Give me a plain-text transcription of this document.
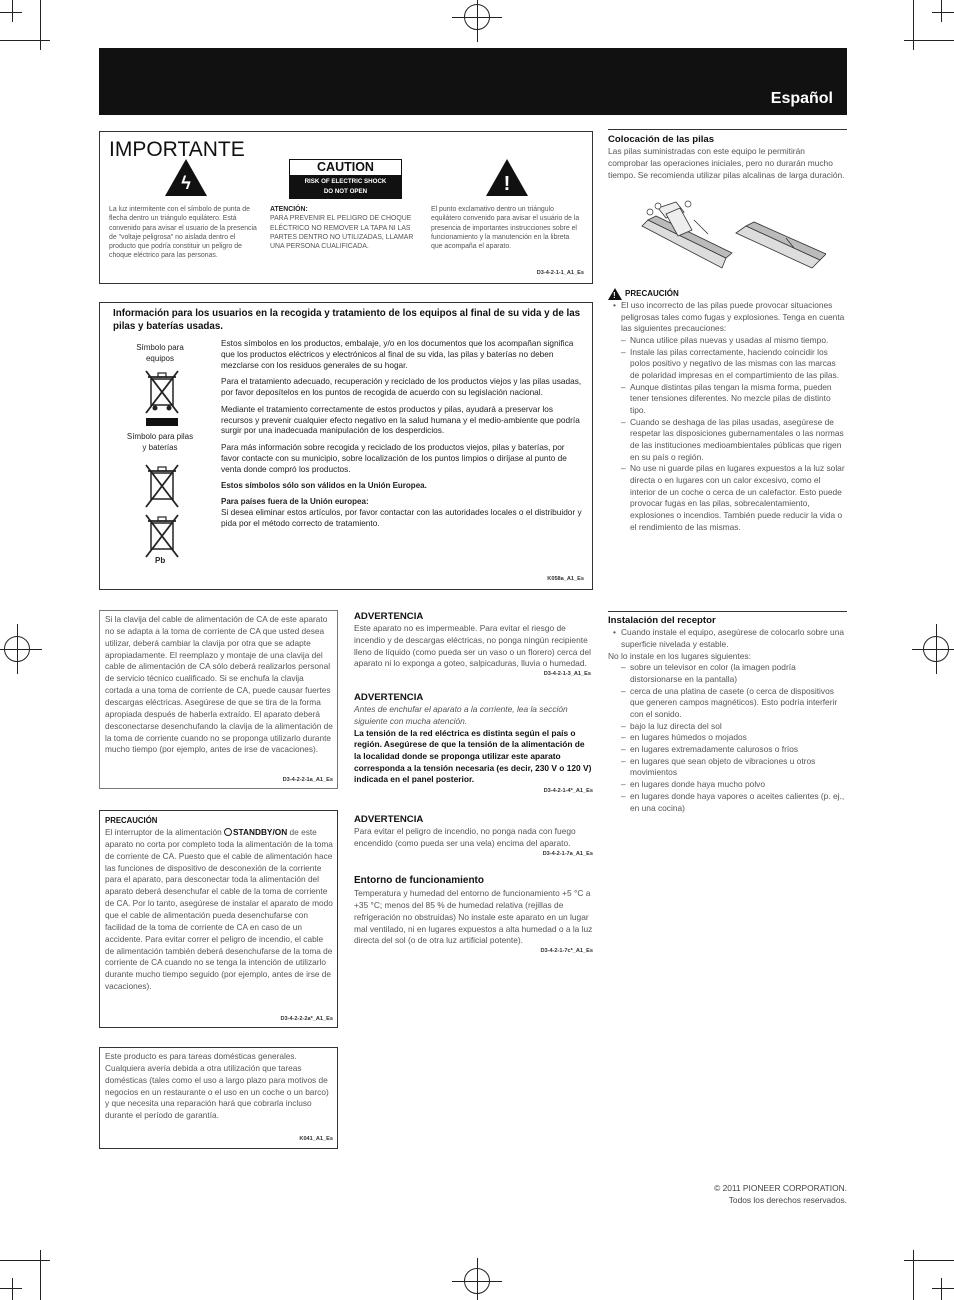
Español
IMPORTANTE
ϟ
CAUTION
RISK OF ELECTRIC SHOCK
DO NOT OPEN	!
La luz intermitente con el símbolo de punta de flecha dentro un triángulo equilátero. Está convenido para avisar el usuario de la presencia de "voltaje peligrosa" no aislada dentro el producto que podría constituir un peligro de choque eléctrico para las personas.
ATENCIÓN:
PARA PREVENIR EL PELIGRO DE CHOQUE ELÉCTRICO NO REMOVER LA TAPA NI LAS PARTES DENTRO NO UTILIZADAS, LLAMAR UNA PERSONA CUALIFICADA.
El punto exclamativo dentro un triángulo equilátero convenido para avisar el usuário de la presencia de importantes instrucciones sobre el funcionamiento y la manutención en la libreta que acompaña el aparato.
D3-4-2-1-1_A1_Es
Información para los usuarios en la recogida y tratamiento de los equipos al final de su vida y de las pilas y baterías usadas.
Símbolo para equipos
Símbolo para pilas y baterías
Pb

Estos símbolos en los productos, embalaje, y/o en los documentos que los acompañan significa que los productos eléctricos y electrónicos al final de su vida, las pilas y baterías no deben mezclarse con los residuos generales de su hogar.

Para el tratamiento adecuado, recuperación y reciclado de los productos viejos y las pilas usadas, por favor deposítelos en los puntos de recogida de acuerdo con su legislación nacional.

Mediante el tratamiento correctamente de estos productos y pilas, ayudará a preservar los recursos y prevenir cualquier efecto negativo en la salud humana y el medio-ambiente que podría surgir por una inadecuada manipulación de los desperdicios.

Para más información sobre recogida y reciclado de los productos viejos, pilas y baterías, por favor contacte con su municipio, sobre localización de los puntos limpios o diríjase al punto de venta donde compró los productos.

Estos símbolos sólo son válidos en la Unión Europea.

Para países fuera de la Unión europea:

Si desea eliminar estos artículos, por favor contactar con las autoridades locales o el distribuidor y pida por el método correcto de tratamiento.

K058a_A1_Es
Si la clavija del cable de alimentación de CA de este aparato no se adapta a la toma de corriente de CA que usted desea utilizar, deberá cambiar la clavija por otra que se adapte apropiadamente. El reemplazo y montaje de una clavija del cable de alimentación de CA sólo deberá realizarlos personal de servicio técnico cualificado. Si se enchufa la clavija cortada a una toma de corriente de CA, puede causar fuertes descargas eléctricas. Asegúrese de que se tira de la forma apropiada después de haberla extraído. El aparato deberá desconectarse desenchufando la clavija de la alimentación de la toma de corriente cuando no se proponga utilizarlo durante mucho tiempo (por ejemplo, antes de irse de vacaciones).
D3-4-2-2-1a_A1_Es
PRECAUCIÓN
El interruptor de la alimentación STANDBY/ON de este aparato no corta por completo toda la alimentación de la toma de corriente de CA. Puesto que el cable de alimentación hace las funciones de dispositivo de desconexión de la corriente para el aparato, para desconectar toda la alimentación del aparato deberá desenchufar el cable de la toma de corriente de CA. Por lo tanto, asegúrese de instalar el aparato de modo que el cable de alimentación pueda desenchufarse con facilidad de la toma de corriente de CA en caso de un accidente. Para evitar correr el peligro de incendio, el cable de alimentación también deberá desenchufarse de la toma de corriente de CA cuando no se tenga la intención de utilizarlo durante mucho tiempo seguido (por ejemplo, antes de irse de vacaciones).
D3-4-2-2-2a*_A1_Es
Este producto es para tareas domésticas generales. Cualquiera avería debida a otra utilización que tareas domésticas (tales como el uso a largo plazo para motivos de negocios en un restaurante o el uso en un coche o un barco) y que necesita una reparación hará que cobrarla incluso durante el período de garantía.
K041_A1_Es
ADVERTENCIA
Este aparato no es impermeable. Para evitar el riesgo de incendio y de descargas eléctricas, no ponga ningún recipiente lleno de líquido (como pueda ser un vaso o un florero) cerca del aparato ni lo exponga a goteo, salpicaduras, lluvia o humedad.
D3-4-2-1-3_A1_Es
ADVERTENCIA
Antes de enchufar el aparato a la corriente, lea la sección siguiente con mucha atención.
La tensión de la red eléctrica es distinta según el país o región. Asegúrese de que la tensión de la alimentación de la localidad donde se proponga utilizar este aparato corresponda a la tensión necesaria (es decir, 230 V o 120 V) indicada en el panel posterior.
D3-4-2-1-4*_A1_Es
ADVERTENCIA
Para evitar el peligro de incendio, no ponga nada con fuego encendido (como pueda ser una vela) encima del aparato.
D3-4-2-1-7a_A1_Es
Entorno de funcionamiento
Temperatura y humedad del entorno de funcionamiento +5 °C a +35 °C; menos del 85 % de humedad relativa (rejillas de refrigeración no obstruidas) No instale este aparato en un lugar mal ventilado, ni en lugares expuestos a alta humedad o a la luz directa del sol (o de otra luz artificial potente).
D3-4-2-1-7c*_A1_Es
Colocación de las pilas
Las pilas suministradas con este equipo le permitirán comprobar las operaciones iniciales, pero no durarán mucho tiempo. Se recomienda utilizar pilas alcalinas de larga duración.
! PRECAUCIÓN
• El uso incorrecto de las pilas puede provocar situaciones peligrosas tales como fugas y explosiones. Tenga en cuenta las siguientes precauciones:
– Nunca utilice pilas nuevas y usadas al mismo tiempo.
– Instale las pilas correctamente, haciendo coincidir los polos positivo y negativo de las mismas con las marcas de polaridad impresas en el compartimiento de las pilas.
– Aunque distintas pilas tengan la misma forma, pueden tener tensiones diferentes. No mezcle pilas de distinto tipo.
– Cuando se deshaga de las pilas usadas, asegúrese de respetar las disposiciones gubernamentales o las normas de las instituciones medioambientales públicas que rigen en su país o región.
– No use ni guarde pilas en lugares expuestos a la luz solar directa o en lugares con un calor excesivo, como el interior de un coche o cerca de un calefactor. Esto puede provocar fugas en las pilas, sobrecalentamiento, explosiones o incendios. También puede reducir la vida o el rendimiento de las mismas.
Instalación del receptor
• Cuando instale el equipo, asegúrese de colocarlo sobre una superficie nivelada y estable.
No lo instale en los lugares siguientes:
– sobre un televisor en color (la imagen podría distorsionarse en la pantalla)
– cerca de una platina de casete (o cerca de dispositivos que generen campos magnéticos). Esto podría interferir con el sonido.
– bajo la luz directa del sol
– en lugares húmedos o mojados
– en lugares extremadamente calurosos o fríos
– en lugares que sean objeto de vibraciones u otros movimientos
– en lugares donde haya mucho polvo
– en lugares donde haya vapores o aceites calientes (p. ej., en una cocina)
© 2011 PIONEER CORPORATION.
Todos los derechos reservados.
